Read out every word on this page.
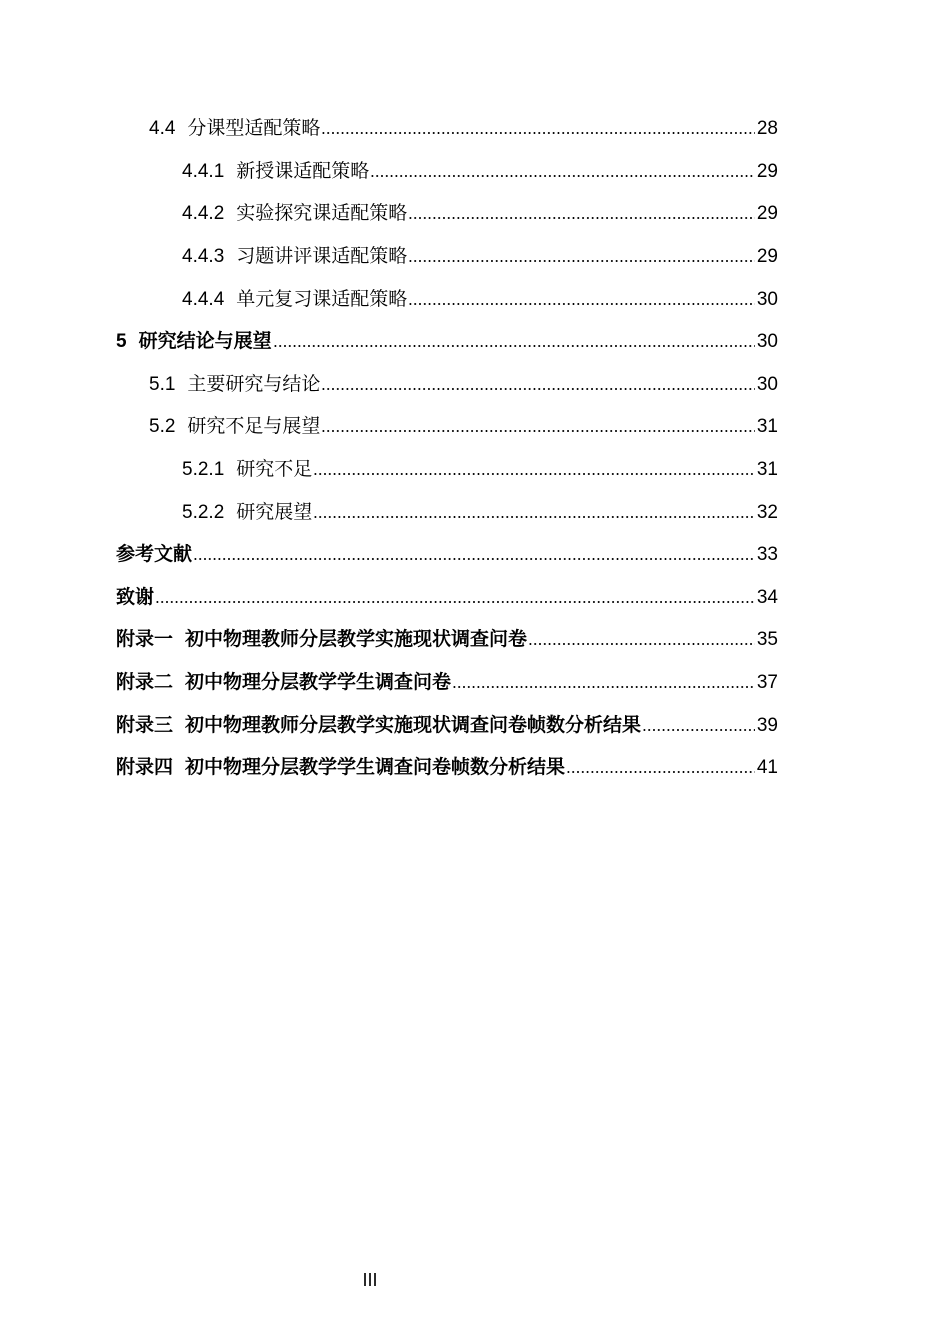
4.4 分课型适配策略	28
4.4.1 新授课适配策略	29
4.4.2 实验探究课适配策略	29
4.4.3 习题讲评课适配策略	29
4.4.4 单元复习课适配策略	30
5 研究结论与展望	30
5.1 主要研究与结论	30
5.2 研究不足与展望	31
5.2.1 研究不足	31
5.2.2 研究展望	32
参考文献	33
致谢	34
附录一 初中物理教师分层教学实施现状调查问卷	35
附录二 初中物理分层教学学生调查问卷	37
附录三 初中物理教师分层教学实施现状调查问卷帧数分析结果	39
附录四 初中物理分层教学学生调查问卷帧数分析结果	41
III
